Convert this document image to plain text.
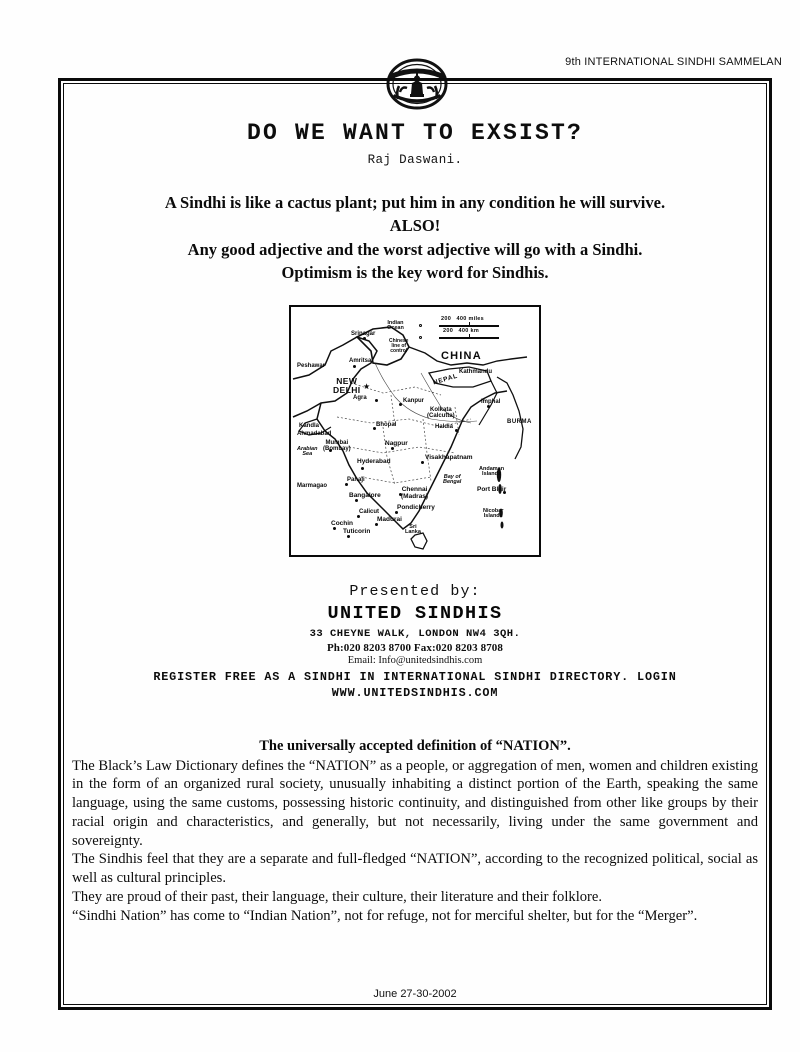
9th INTERNATIONAL SINDHI SAMMELAN
DO WE WANT TO EXSIST?
Raj Daswani.
A Sindhi is like a cactus plant; put him in any condition he will survive.
ALSO!
Any good adjective and the worst adjective will go with a Sindhi.
Optimism is the key word for Sindhis.
200   400 miles
200   400 km
CHINA
NEPAL
BURMA
Indian
Ocean
Chinese
line of
control
Arabian
Sea
Bay of
Bengal
Sri
Lanka
Andaman
Islands
Nicobar
Islands
★
NEW
DELHI
Srinagar
Amritsar
Peshawar
Agra	Kanpur
Kandla
Ahmadabad
Bhopal
Mumbai
(Bombay)
Nagpur
Haldia
Kolkata
(Calcutta)
Imphal
Kathmandu
Hyderabad
Visakhapatnam
Panaji
Marmagao
Bangalore
Chennai
(Madras)
Calicut
Pondicherry
Cochin
Madurai
Tuticorin
Port Blair
Presented by:
UNITED SINDHIS
33 CHEYNE WALK, LONDON NW4 3QH.
Ph:020 8203 8700 Fax:020 8203 8708
Email: Info@unitedsindhis.com
REGISTER FREE AS A SINDHI IN INTERNATIONAL SINDHI DIRECTORY. LOGIN
WWW.UNITEDSINDHIS.COM
The universally accepted definition of “NATION”.

The Black’s Law Dictionary defines the “NATION” as a people, or aggregation of men, women and children existing in the form of an organized rural society, unusually inhabiting a distinct portion of the Earth, speaking the same language, using the same customs, possessing historic continuity, and distinguished from other like groups by their racial origin and characteristics, and generally, but not necessarily, living under the same government and sovereignty.

The Sindhis feel that they are a separate and full-fledged “NATION”, according to the recognized political, social as well as cultural principles.

They are proud of their past, their language, their culture, their literature and their folklore.

“Sindhi Nation” has come to “Indian Nation”, not for refuge, not for merciful shelter, but for the “Merger”.

June 27-30-2002
